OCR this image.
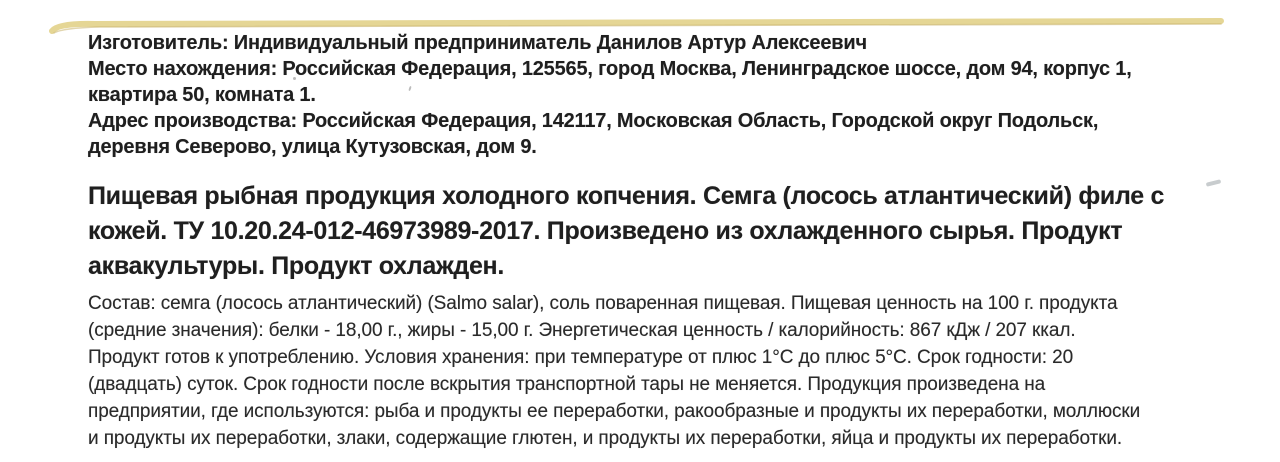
Изготовитель: Индивидуальный предприниматель Данилов Артур Алексеевич
Место нахождения: Российская Федерация, 125565, город Москва, Ленинградское шоссе, дом 94, корпус 1,
квартира 50, комната 1.
Адрес производства: Российская Федерация, 142117, Московская Область, Городской округ Подольск,
деревня Северово, улица Кутузовская, дом 9.
Пищевая рыбная продукция холодного копчения. Семга (лосось атлантический) филе с
кожей. ТУ 10.20.24-012-46973989-2017. Произведено из охлажденного сырья. Продукт
аквакультуры. Продукт охлажден.
Состав: семга (лосось атлантический) (Salmo salar), соль поваренная пищевая. Пищевая ценность на 100 г. продукта
(средние значения): белки - 18,00 г., жиры - 15,00 г. Энергетическая ценность / калорийность: 867 кДж / 207 ккал.
Продукт готов к употреблению. Условия хранения: при температуре от плюс 1°С до плюс 5°С. Срок годности: 20
(двадцать) суток. Срок годности после вскрытия транспортной тары не меняется. Продукция произведена на
предприятии, где используются: рыба и продукты ее переработки, ракообразные и продукты их переработки, моллюски
и продукты их переработки, злаки, содержащие глютен, и продукты их переработки, яйца и продукты их переработки.
